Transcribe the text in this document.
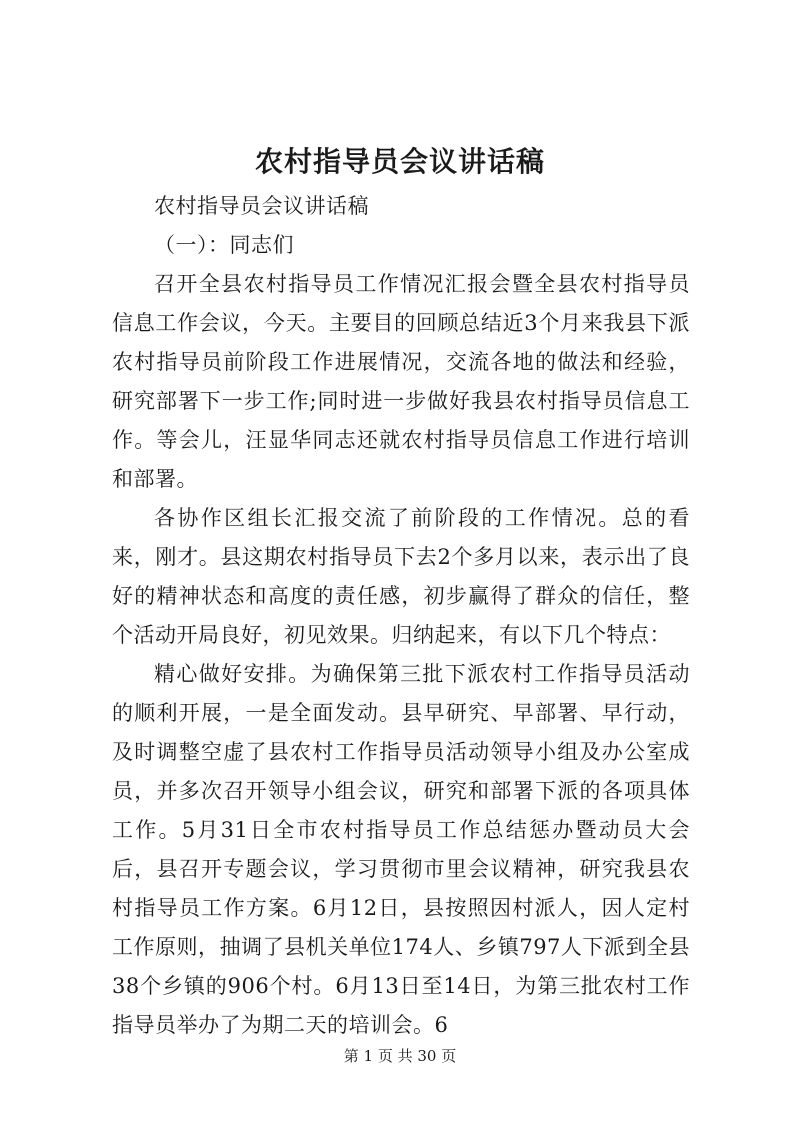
农村指导员会议讲话稿

农村指导员会议讲话稿

（一）：同志们

召开全县农村指导员工作情况汇报会暨全县农村指导员信息工作会议，今天。主要目的回顾总结近3个月来我县下派农村指导员前阶段工作进展情况，交流各地的做法和经验，研究部署下一步工作;同时进一步做好我县农村指导员信息工作。等会儿，汪显华同志还就农村指导员信息工作进行培训和部署。

各协作区组长汇报交流了前阶段的工作情况。总的看来，刚才。县这期农村指导员下去2个多月以来，表示出了良好的精神状态和高度的责任感，初步赢得了群众的信任，整个活动开局良好，初见效果。归纳起来，有以下几个特点：

精心做好安排。为确保第三批下派农村工作指导员活动的顺利开展，一是全面发动。县早研究、早部署、早行动，及时调整空虚了县农村工作指导员活动领导小组及办公室成员，并多次召开领导小组会议，研究和部署下派的各项具体工作。5月31日全市农村指导员工作总结惩办暨动员大会后，县召开专题会议，学习贯彻市里会议精神，研究我县农村指导员工作方案。6月12日，县按照因村派人，因人定村工作原则，抽调了县机关单位174人、乡镇797人下派到全县38个乡镇的906个村。6月13日至14日，为第三批农村工作指导员举办了为期二天的培训会。6

第 1 页 共 30 页
